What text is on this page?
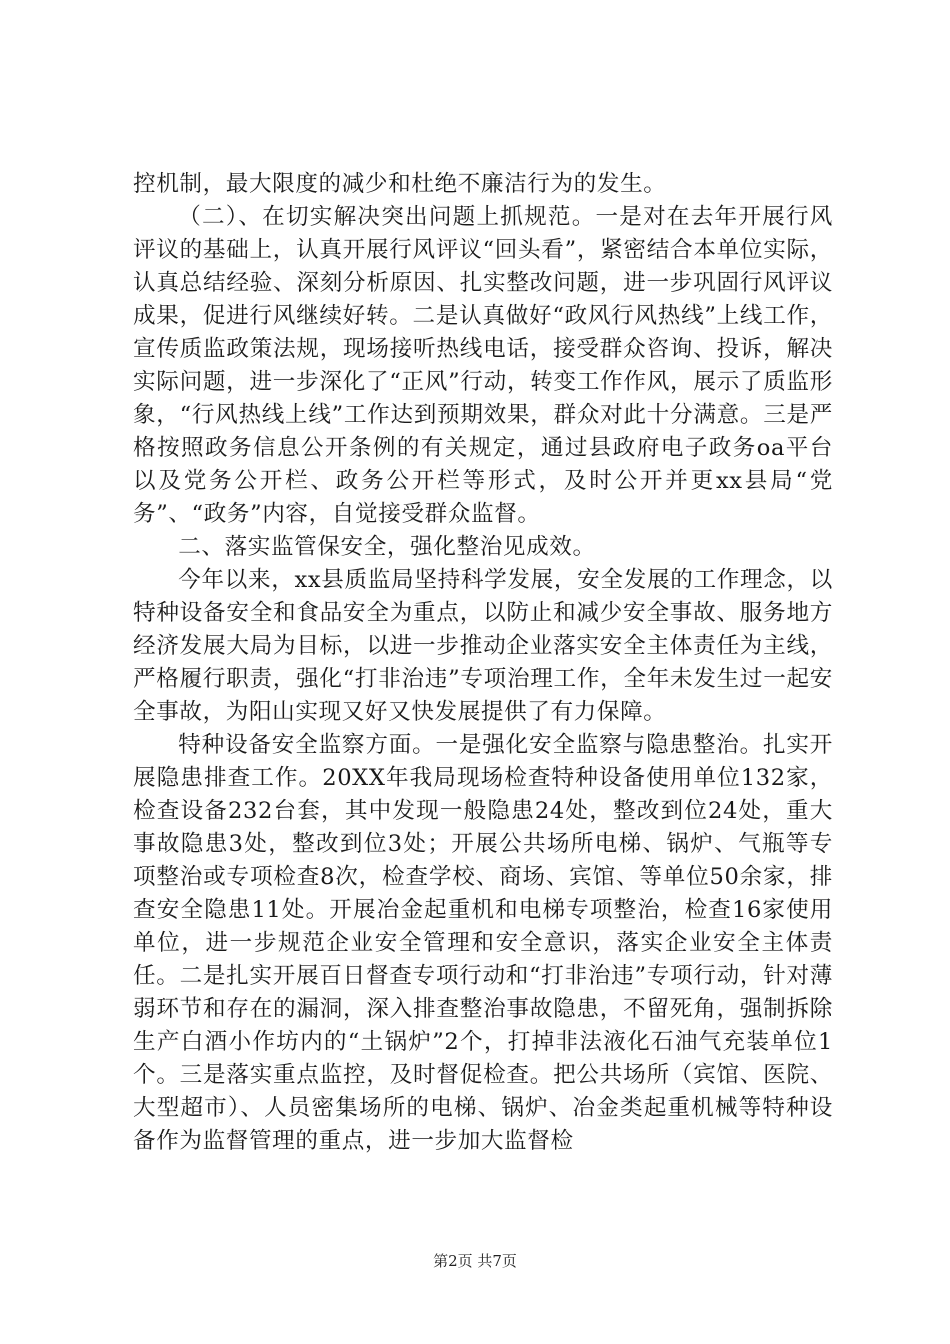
控机制，最大限度的减少和杜绝不廉洁行为的发生。

（二）、在切实解决突出问题上抓规范。一是对在去年开展行风评议的基础上，认真开展行风评议“回头看”，紧密结合本单位实际，认真总结经验、深刻分析原因、扎实整改问题，进一步巩固行风评议成果，促进行风继续好转。二是认真做好“政风行风热线”上线工作，宣传质监政策法规，现场接听热线电话，接受群众咨询、投诉，解决实际问题，进一步深化了“正风”行动，转变工作作风，展示了质监形象，“行风热线上线”工作达到预期效果，群众对此十分满意。三是严格按照政务信息公开条例的有关规定，通过县政府电子政务oa平台以及党务公开栏、政务公开栏等形式，及时公开并更xx县局“党务”、“政务”内容，自觉接受群众监督。

二、落实监管保安全，强化整治见成效。

今年以来，xx县质监局坚持科学发展，安全发展的工作理念，以特种设备安全和食品安全为重点，以防止和减少安全事故、服务地方经济发展大局为目标，以进一步推动企业落实安全主体责任为主线，严格履行职责，强化“打非治违”专项治理工作，全年未发生过一起安全事故，为阳山实现又好又快发展提供了有力保障。

特种设备安全监察方面。一是强化安全监察与隐患整治。扎实开展隐患排查工作。20XX年我局现场检查特种设备使用单位132家，检查设备232台套，其中发现一般隐患24处，整改到位24处，重大事故隐患3处，整改到位3处；开展公共场所电梯、锅炉、气瓶等专项整治或专项检查8次，检查学校、商场、宾馆、等单位50余家，排查安全隐患11处。开展冶金起重机和电梯专项整治，检查16家使用单位，进一步规范企业安全管理和安全意识，落实企业安全主体责任。二是扎实开展百日督查专项行动和“打非治违”专项行动，针对薄弱环节和存在的漏洞，深入排查整治事故隐患，不留死角，强制拆除生产白酒小作坊内的“土锅炉”2个，打掉非法液化石油气充装单位1个。三是落实重点监控，及时督促检查。把公共场所（宾馆、医院、大型超市）、人员密集场所的电梯、锅炉、冶金类起重机械等特种设备作为监督管理的重点，进一步加大监督检

第2页 共7页
